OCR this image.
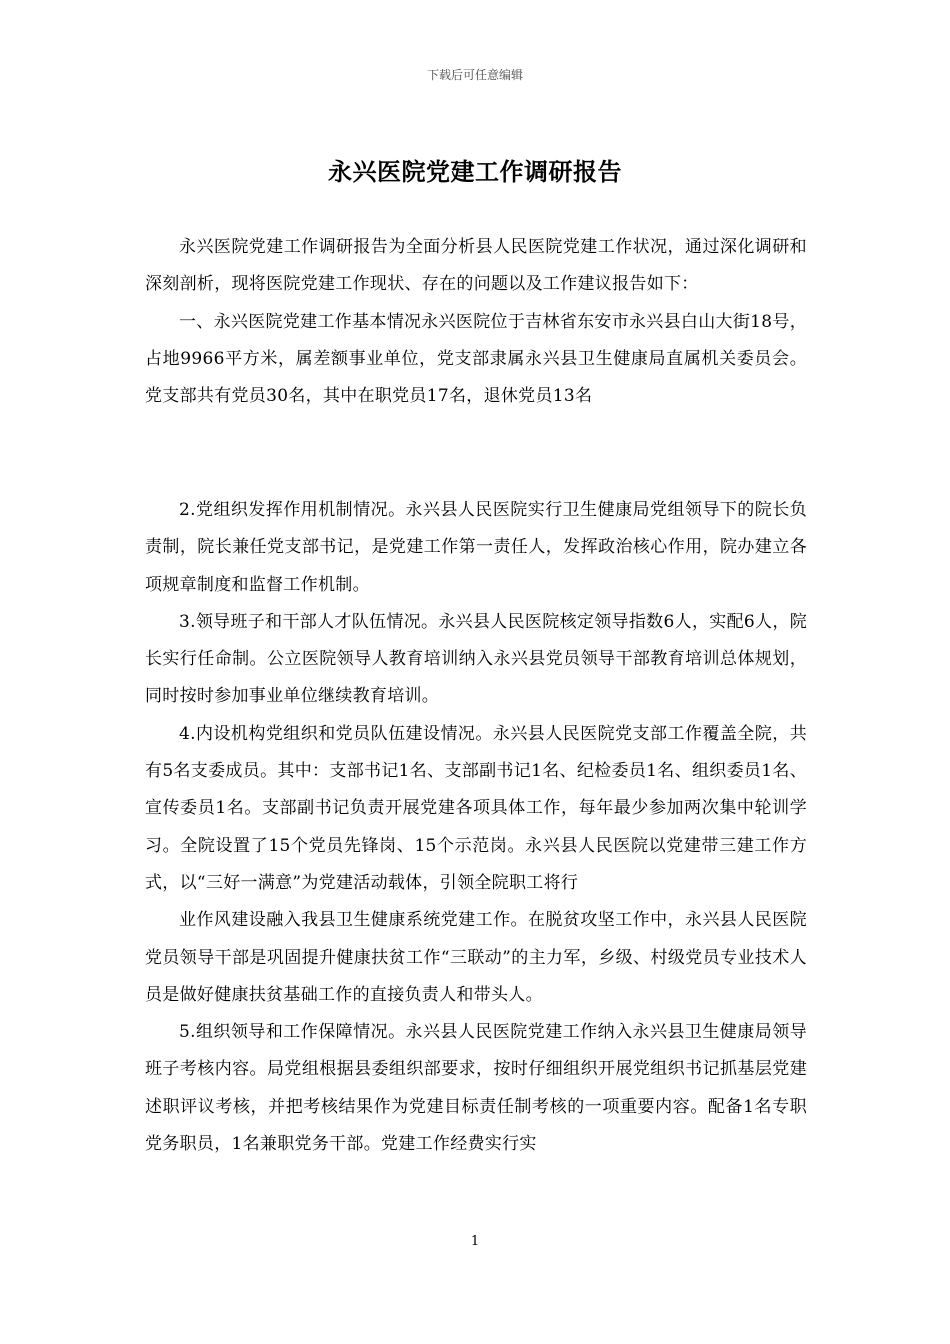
下载后可任意编辑
永兴医院党建工作调研报告

永兴医院党建工作调研报告为全面分析县人民医院党建工作状况，通过深化调研和深刻剖析，现将医院党建工作现状、存在的问题以及工作建议报告如下：

一、永兴医院党建工作基本情况永兴医院位于吉林省东安市永兴县白山大街18号，占地9966平方米，属差额事业单位，党支部隶属永兴县卫生健康局直属机关委员会。党支部共有党员30名，其中在职党员17名，退休党员13名

2.党组织发挥作用机制情况。永兴县人民医院实行卫生健康局党组领导下的院长负责制，院长兼任党支部书记，是党建工作第一责任人，发挥政治核心作用，院办建立各项规章制度和监督工作机制。

3.领导班子和干部人才队伍情况。永兴县人民医院核定领导指数6人，实配6人，院长实行任命制。公立医院领导人教育培训纳入永兴县党员领导干部教育培训总体规划，同时按时参加事业单位继续教育培训。

4.内设机构党组织和党员队伍建设情况。永兴县人民医院党支部工作覆盖全院，共有5名支委成员。其中：支部书记1名、支部副书记1名、纪检委员1名、组织委员1名、宣传委员1名。支部副书记负责开展党建各项具体工作，每年最少参加两次集中轮训学习。全院设置了15个党员先锋岗、15个示范岗。永兴县人民医院以党建带三建工作方式，以“三好一满意”为党建活动载体，引领全院职工将行

业作风建设融入我县卫生健康系统党建工作。在脱贫攻坚工作中，永兴县人民医院党员领导干部是巩固提升健康扶贫工作“三联动”的主力军，乡级、村级党员专业技术人员是做好健康扶贫基础工作的直接负责人和带头人。

5.组织领导和工作保障情况。永兴县人民医院党建工作纳入永兴县卫生健康局领导班子考核内容。局党组根据县委组织部要求，按时仔细组织开展党组织书记抓基层党建述职评议考核，并把考核结果作为党建目标责任制考核的一项重要内容。配备1名专职党务职员，1名兼职党务干部。党建工作经费实行实

1
